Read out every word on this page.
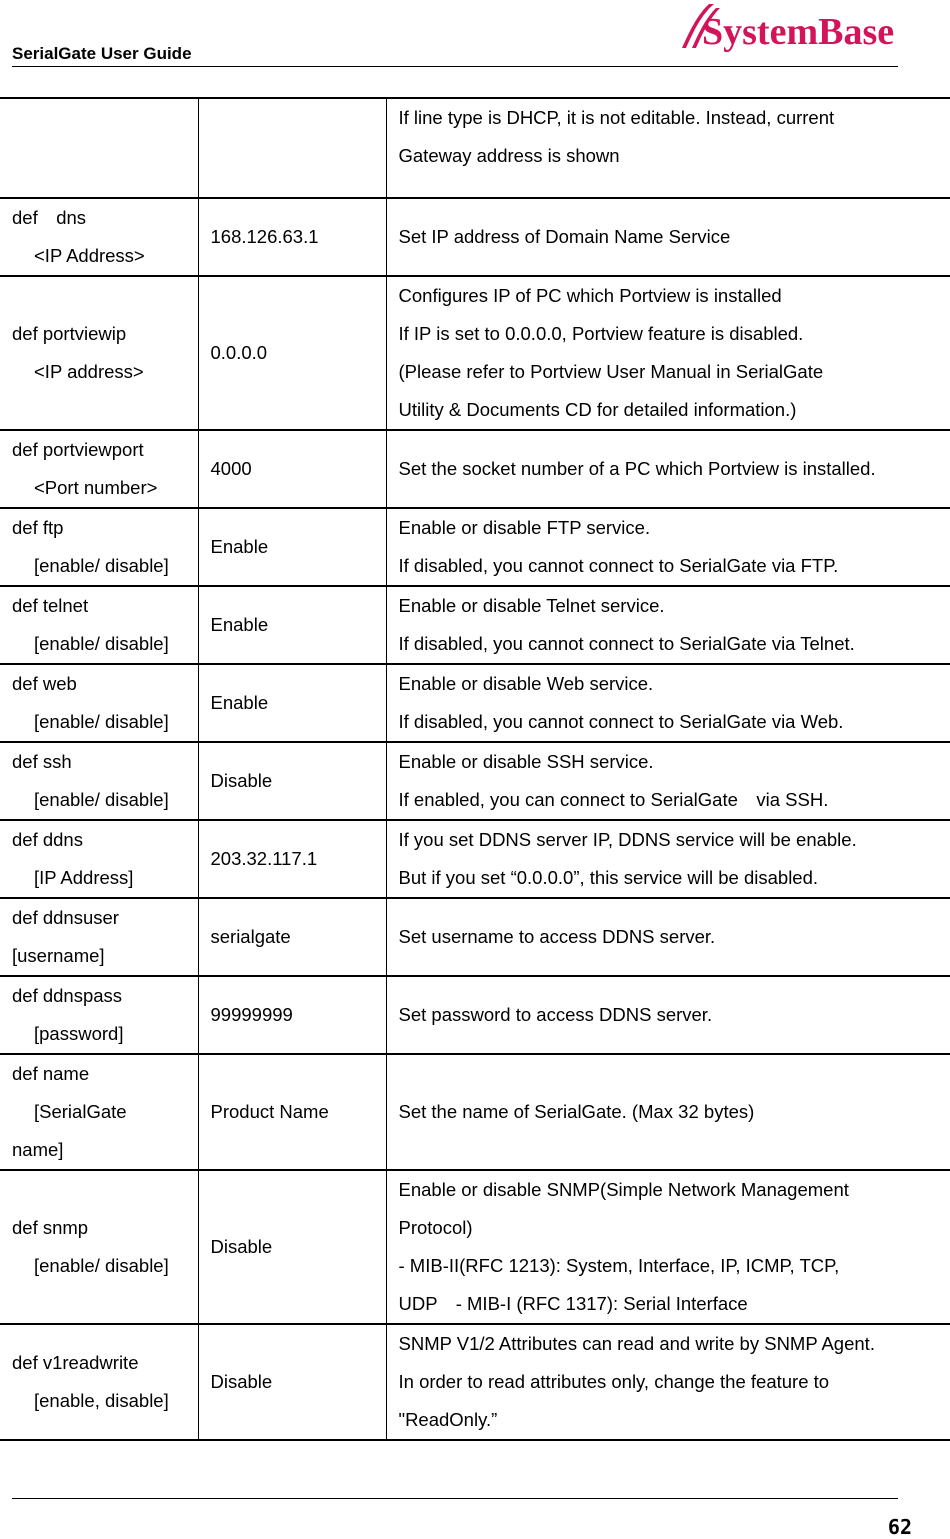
SerialGate User Guide
SystemBase

		If line type is DHCP, it is not editable. Instead, current
Gateway address is shown

def　dns
<IP Address>	168.126.63.1	Set IP address of Domain Name Service

def portviewip
<IP address>	0.0.0.0	Configures IP of PC which Portview is installed
If IP is set to 0.0.0.0, Portview feature is disabled.
(Please refer to Portview User Manual in SerialGate
Utility & Documents CD for detailed information.)

def portviewport
<Port number>	4000	Set the socket number of a PC which Portview is installed.

def ftp
[enable/ disable]	Enable	Enable or disable FTP service.
If disabled, you cannot connect to SerialGate via FTP.

def telnet
[enable/ disable]	Enable	Enable or disable Telnet service.
If disabled, you cannot connect to SerialGate via Telnet.

def web
[enable/ disable]	Enable	Enable or disable Web service.
If disabled, you cannot connect to SerialGate via Web.

def ssh
[enable/ disable]	Disable	Enable or disable SSH service.
If enabled, you can connect to SerialGate　via SSH.

def ddns
[IP Address]	203.32.117.1	If you set DDNS server IP, DDNS service will be enable.
But if you set “0.0.0.0”, this service will be disabled.

def ddnsuser
[username]	serialgate	Set username to access DDNS server.

def ddnspass
[password]	99999999	Set password to access DDNS server.

def name
[SerialGate
name]	Product Name	Set the name of SerialGate. (Max 32 bytes)

def snmp
[enable/ disable]	Disable	Enable or disable SNMP(Simple Network Management
Protocol)
- MIB-II(RFC 1213): System, Interface, IP, ICMP, TCP,
UDP　- MIB-I (RFC 1317): Serial Interface

def v1readwrite
[enable, disable]	Disable	SNMP V1/2 Attributes can read and write by SNMP Agent.
In order to read attributes only, change the feature to
"ReadOnly.”
62
